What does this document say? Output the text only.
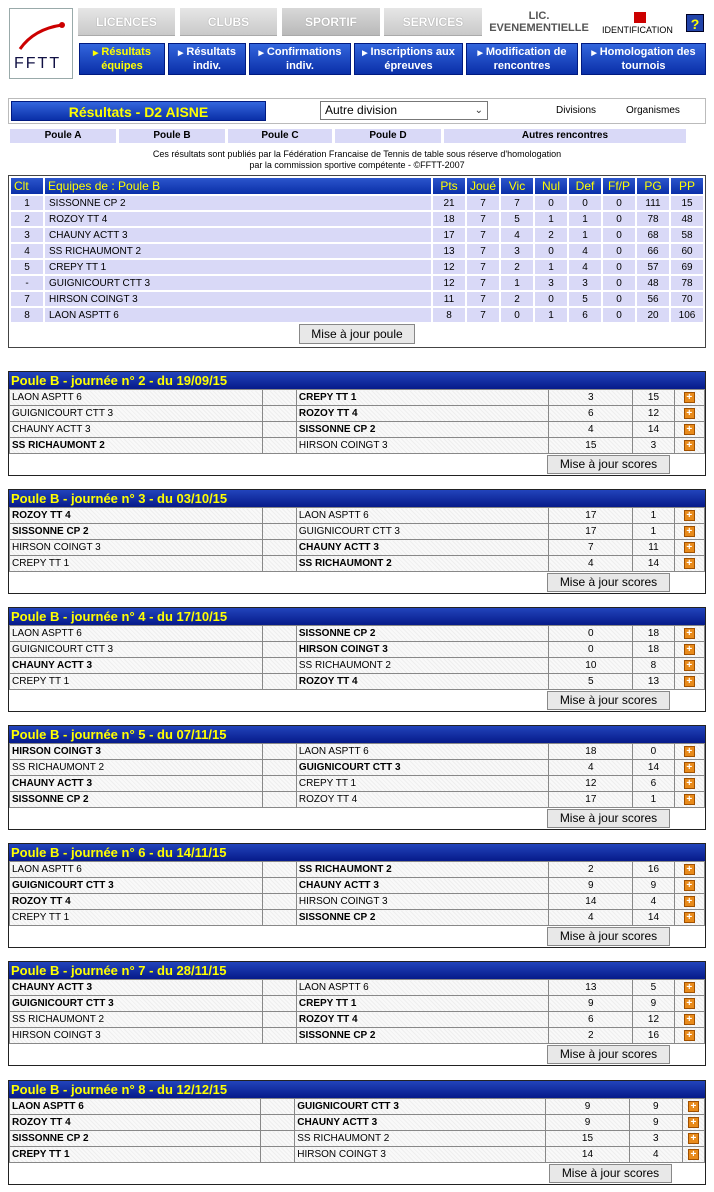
FFTT
LICENCES	CLUBS	SPORTIF	SERVICES	LIC.
EVENEMENTIELLE IDENTIFICATION	?
▶ Résultats
équipes
▶ Résultats
indiv.
▶ Confirmations
indiv.
▶ Inscriptions aux
épreuves
▶ Modification de
rencontres
▶ Homologation des
tournois
Résultats - D2 AISNE	Autre division	⌄	Divisions	Organismes
Poule A	Poule B	Poule C	Poule D	Autres rencontres
Ces résultats sont publiés par la Fédération Francaise de Tennis de table sous réserve d'homologation
par la commission sportive compétente - ©FFTT-2007
Clt	Equipes de : Poule B	Pts	Joué	Vic	Nul	Def	Ff/P	PG	PP
1	SISSONNE CP 2	21	7	7	0	0	0	111	15
2	ROZOY TT 4	18	7	5	1	1	0	78	48
3	CHAUNY ACTT 3	17	7	4	2	1	0	68	58
4	SS RICHAUMONT 2	13	7	3	0	4	0	66	60
5	CREPY TT 1	12	7	2	1	4	0	57	69
-	GUIGNICOURT CTT 3	12	7	1	3	3	0	48	78
7	HIRSON COINGT 3	11	7	2	0	5	0	56	70
8	LAON ASPTT 6	8	7	0	1	6	0	20	106
Mise à jour poule
Poule B - journée n° 2 - du 19/09/15
LAON ASPTT 6		CREPY TT 1	3	15	+
GUIGNICOURT CTT 3		ROZOY TT 4	6	12	+
CHAUNY ACTT 3		SISSONNE CP 2	4	14	+
SS RICHAUMONT 2		HIRSON COINGT 3	15	3	+
Mise à jour scores
Poule B - journée n° 3 - du 03/10/15
ROZOY TT 4		LAON ASPTT 6	17	1	+
SISSONNE CP 2		GUIGNICOURT CTT 3	17	1	+
HIRSON COINGT 3		CHAUNY ACTT 3	7	11	+
CREPY TT 1		SS RICHAUMONT 2	4	14	+
Mise à jour scores
Poule B - journée n° 4 - du 17/10/15
LAON ASPTT 6		SISSONNE CP 2	0	18	+
GUIGNICOURT CTT 3		HIRSON COINGT 3	0	18	+
CHAUNY ACTT 3		SS RICHAUMONT 2	10	8	+
CREPY TT 1		ROZOY TT 4	5	13	+
Mise à jour scores
Poule B - journée n° 5 - du 07/11/15
HIRSON COINGT 3		LAON ASPTT 6	18	0	+
SS RICHAUMONT 2		GUIGNICOURT CTT 3	4	14	+
CHAUNY ACTT 3		CREPY TT 1	12	6	+
SISSONNE CP 2		ROZOY TT 4	17	1	+
Mise à jour scores
Poule B - journée n° 6 - du 14/11/15
LAON ASPTT 6		SS RICHAUMONT 2	2	16	+
GUIGNICOURT CTT 3		CHAUNY ACTT 3	9	9	+
ROZOY TT 4		HIRSON COINGT 3	14	4	+
CREPY TT 1		SISSONNE CP 2	4	14	+
Mise à jour scores
Poule B - journée n° 7 - du 28/11/15
CHAUNY ACTT 3		LAON ASPTT 6	13	5	+
GUIGNICOURT CTT 3		CREPY TT 1	9	9	+
SS RICHAUMONT 2		ROZOY TT 4	6	12	+
HIRSON COINGT 3		SISSONNE CP 2	2	16	+
Mise à jour scores
Poule B - journée n° 8 - du 12/12/15
LAON ASPTT 6		GUIGNICOURT CTT 3	9	9	+
ROZOY TT 4		CHAUNY ACTT 3	9	9	+
SISSONNE CP 2		SS RICHAUMONT 2	15	3	+
CREPY TT 1		HIRSON COINGT 3	14	4	+
Mise à jour scores
